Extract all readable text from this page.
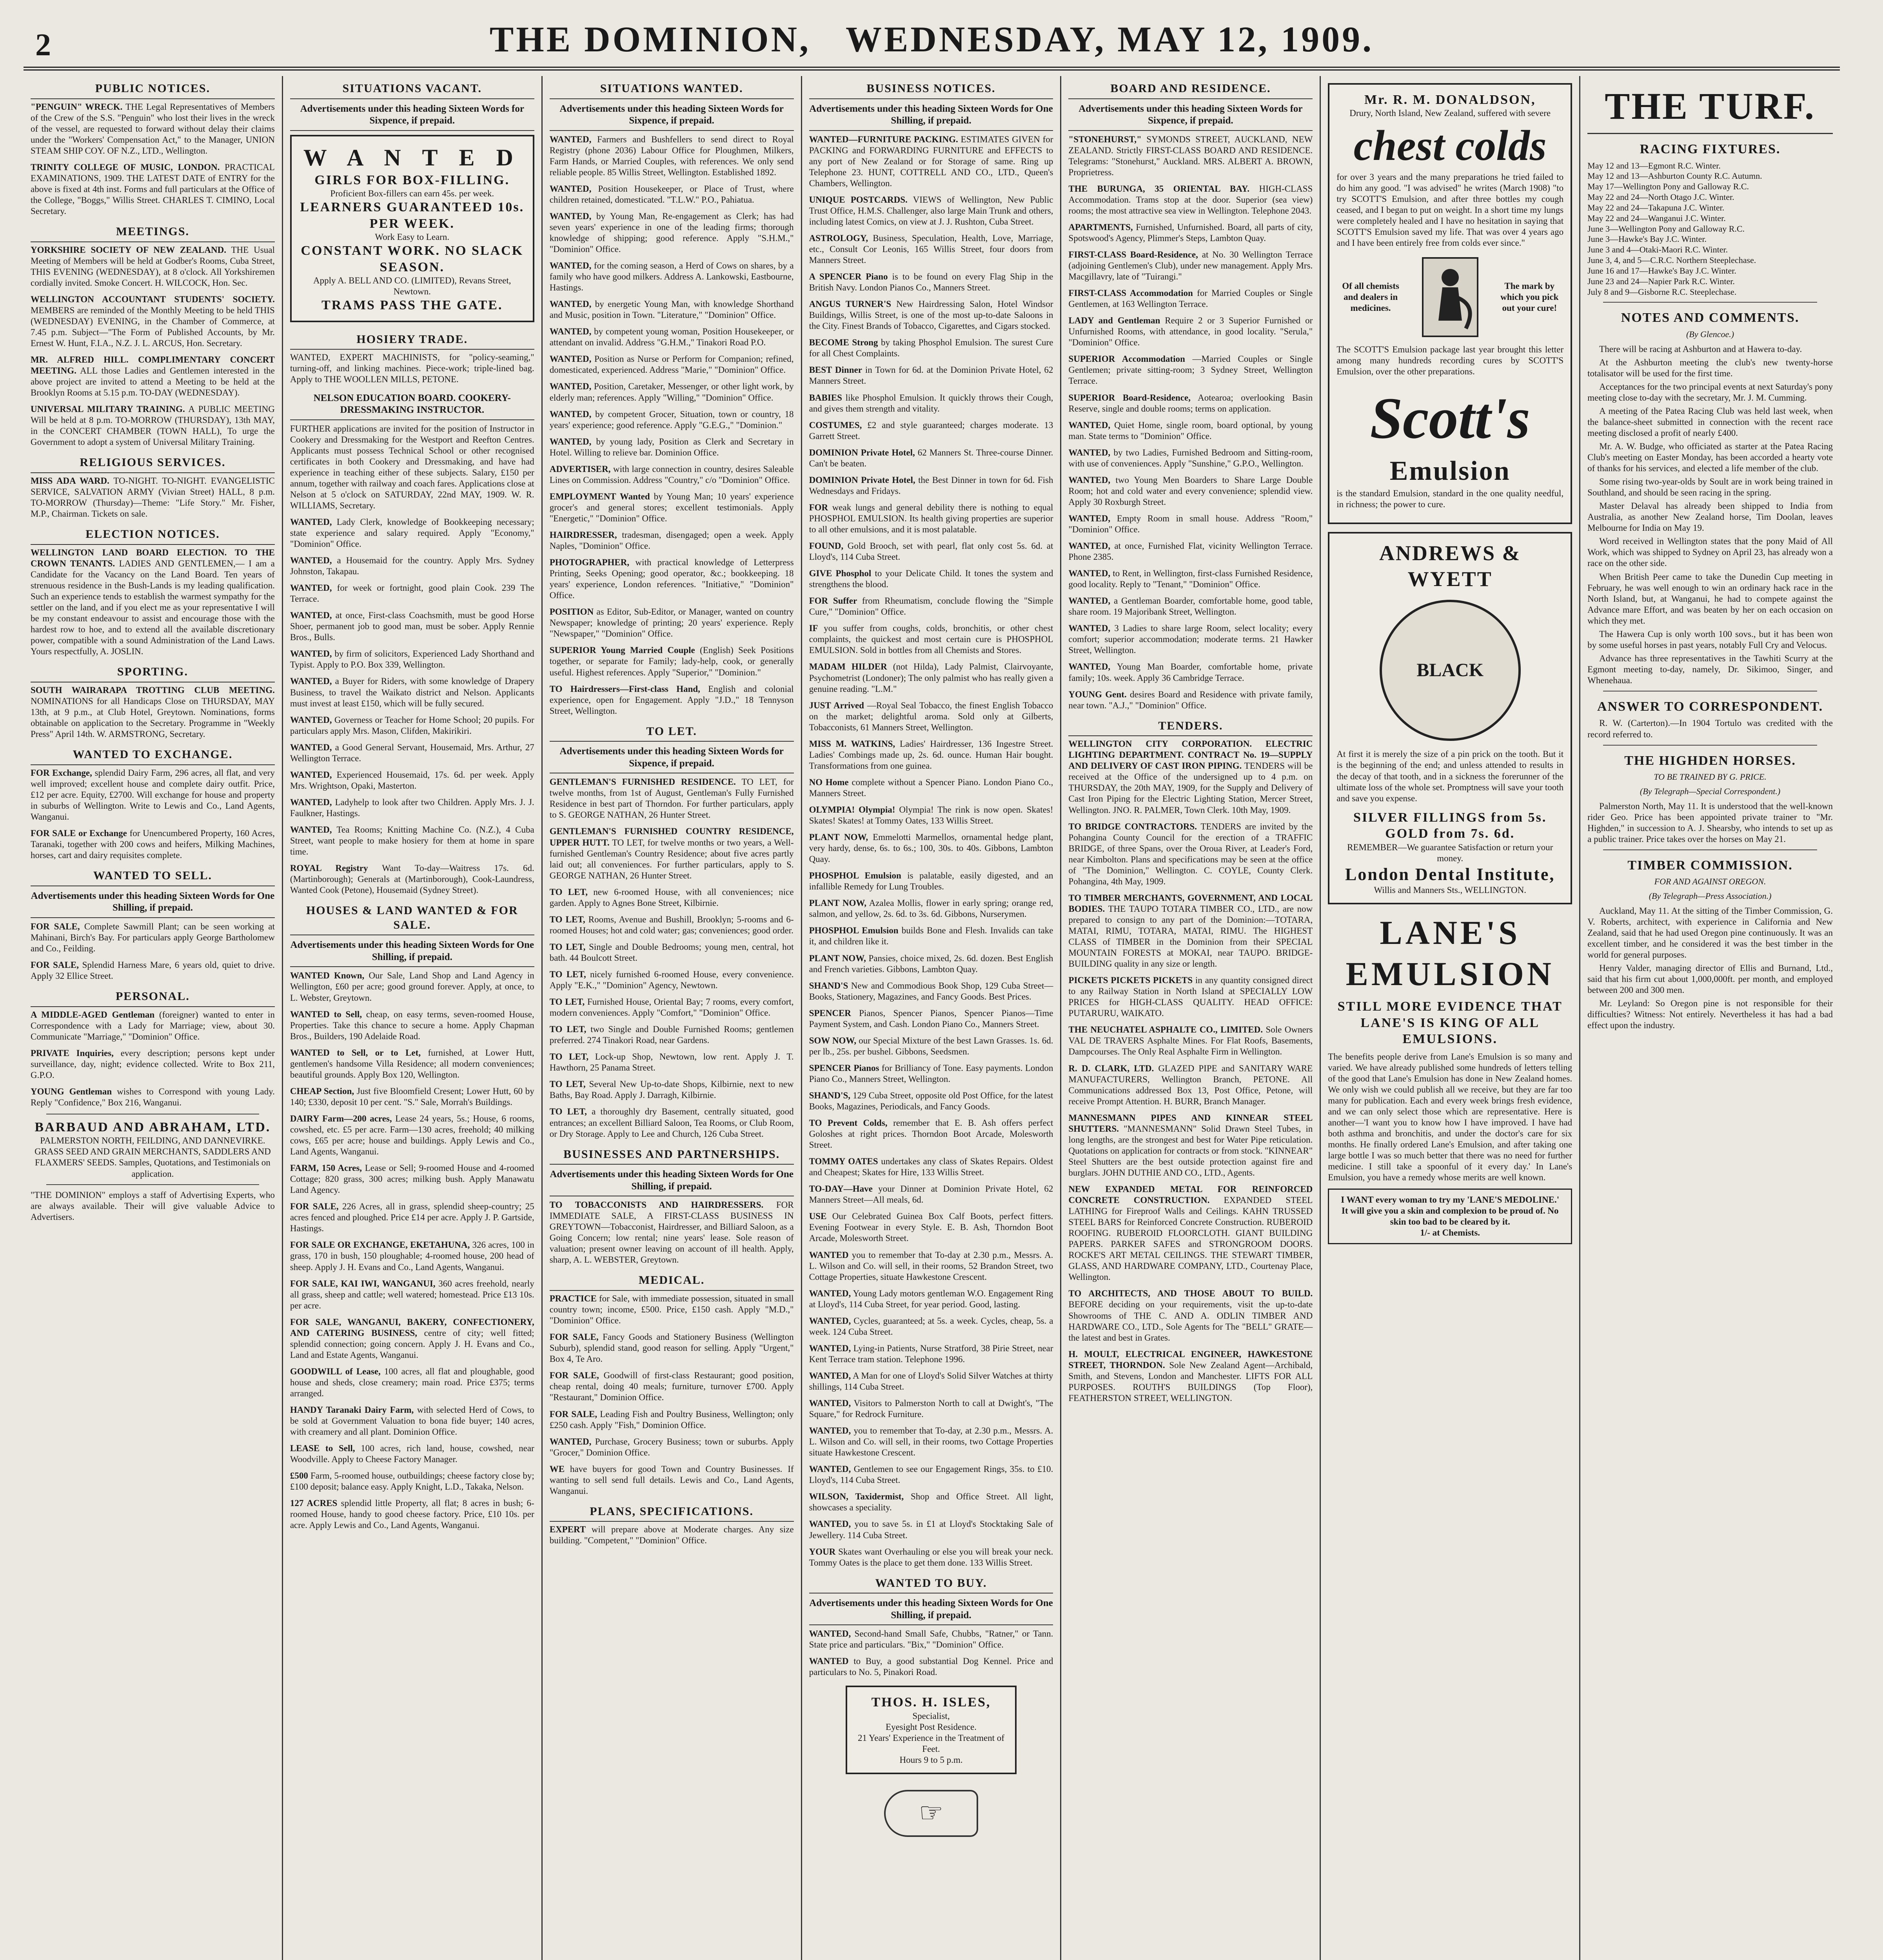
2	THE DOMINION, WEDNESDAY, MAY 12, 1909.
PUBLIC NOTICES.
"PENGUIN" WRECK. THE Legal Representatives of Members of the Crew of the S.S. "Penguin" who lost their lives in the wreck of the vessel, are requested to forward without delay their claims under the "Workers' Compensation Act," to the Manager, UNION STEAM SHIP COY. OF N.Z., LTD., Wellington.
TRINITY COLLEGE OF MUSIC, LONDON. PRACTICAL EXAMINATIONS, 1909. THE LATEST DATE of ENTRY for the above is fixed at 4th inst. Forms and full particulars at the Office of the College, "Boggs," Willis Street. CHARLES T. CIMINO, Local Secretary.
MEETINGS.
YORKSHIRE SOCIETY OF NEW ZEALAND. THE Usual Meeting of Members will be held at Godber's Rooms, Cuba Street, THIS EVENING (WEDNESDAY), at 8 o'clock. All Yorkshiremen cordially invited. Smoke Concert. H. WILCOCK, Hon. Sec.
WELLINGTON ACCOUNTANT STUDENTS' SOCIETY. MEMBERS are reminded of the Monthly Meeting to be held THIS (WEDNESDAY) EVENING, in the Chamber of Commerce, at 7.45 p.m. Subject—"The Form of Published Accounts, by Mr. Ernest W. Hunt, F.I.A., N.Z. J. L. ARCUS, Hon. Secretary.
MR. ALFRED HILL. COMPLIMENTARY CONCERT MEETING. ALL those Ladies and Gentlemen interested in the above project are invited to attend a Meeting to be held at the Brooklyn Rooms at 5.15 p.m. TO-DAY (WEDNESDAY).
UNIVERSAL MILITARY TRAINING. A PUBLIC MEETING Will be held at 8 p.m. TO-MORROW (THURSDAY), 13th MAY, in the CONCERT CHAMBER (TOWN HALL), To urge the Government to adopt a system of Universal Military Training.
RELIGIOUS SERVICES.
MISS ADA WARD. TO-NIGHT. TO-NIGHT. EVANGELISTIC SERVICE, SALVATION ARMY (Vivian Street) HALL, 8 p.m. TO-MORROW (Thursday)—Theme: "Life Story." Mr. Fisher, M.P., Chairman. Tickets on sale.
ELECTION NOTICES.
WELLINGTON LAND BOARD ELECTION. TO THE CROWN TENANTS. LADIES AND GENTLEMEN,— I am a Candidate for the Vacancy on the Land Board. Ten years of strenuous residence in the Bush-Lands is my leading qualification. Such an experience tends to establish the warmest sympathy for the settler on the land, and if you elect me as your representative I will be my constant endeavour to assist and encourage those with the hardest row to hoe, and to extend all the available discretionary power, compatible with a sound Administration of the Land Laws. Yours respectfully, A. JOSLIN.
SPORTING.
SOUTH WAIRARAPA TROTTING CLUB MEETING. NOMINATIONS for all Handicaps Close on THURSDAY, MAY 13th, at 9 p.m., at Club Hotel, Greytown. Nominations, forms obtainable on application to the Secretary. Programme in "Weekly Press" April 14th. W. ARMSTRONG, Secretary.
WANTED TO EXCHANGE.
FOR Exchange, splendid Dairy Farm, 296 acres, all flat, and very well improved; excellent house and complete dairy outfit. Price, £12 per acre. Equity, £2700. Will exchange for house and property in suburbs of Wellington. Write to Lewis and Co., Land Agents, Wanganui.
FOR SALE or Exchange for Unencumbered Property, 160 Acres, Taranaki, together with 200 cows and heifers, Milking Machines, horses, cart and dairy requisites complete.
WANTED TO SELL.
Advertisements under this heading Sixteen Words for One Shilling, if prepaid.
FOR SALE, Complete Sawmill Plant; can be seen working at Mahinani, Birch's Bay. For particulars apply George Bartholomew and Co., Feilding.
FOR SALE, Splendid Harness Mare, 6 years old, quiet to drive. Apply 32 Ellice Street.
PERSONAL.
A MIDDLE-AGED Gentleman (foreigner) wanted to enter in Correspondence with a Lady for Marriage; view, about 30. Communicate "Marriage," "Dominion" Office.
PRIVATE Inquiries, every description; persons kept under surveillance, day, night; evidence collected. Write to Box 211, G.P.O.
YOUNG Gentleman wishes to Correspond with young Lady. Reply "Confidence," Box 216, Wanganui.
BARBAUD AND ABRAHAM, LTD.
PALMERSTON NORTH, FEILDING, AND DANNEVIRKE. GRASS SEED AND GRAIN MERCHANTS, SADDLERS AND FLAXMERS' SEEDS. Samples, Quotations, and Testimonials on application.
"THE DOMINION" employs a staff of Advertising Experts, who are always available. Their will give valuable Advice to Advertisers.
SITUATIONS VACANT.
Advertisements under this heading Sixteen Words for Sixpence, if prepaid.
W A N T E D
GIRLS FOR BOX-FILLING.
Proficient Box-fillers can earn 45s. per week.
LEARNERS GUARANTEED 10s. PER WEEK.
Work Easy to Learn.
CONSTANT WORK. NO SLACK SEASON.
Apply A. BELL AND CO. (LIMITED), Revans Street, Newtown.
TRAMS PASS THE GATE.
HOSIERY TRADE.
WANTED, EXPERT MACHINISTS, for "policy-seaming," turning-off, and linking machines. Piece-work; triple-lined bag. Apply to THE WOOLLEN MILLS, PETONE.
NELSON EDUCATION BOARD. COOKERY-DRESSMAKING INSTRUCTOR.
FURTHER applications are invited for the position of Instructor in Cookery and Dressmaking for the Westport and Reefton Centres. Applicants must possess Technical School or other recognised certificates in both Cookery and Dressmaking, and have had experience in teaching either of these subjects. Salary, £150 per annum, together with railway and coach fares. Applications close at Nelson at 5 o'clock on SATURDAY, 22nd MAY, 1909. W. R. WILLIAMS, Secretary.
WANTED, Lady Clerk, knowledge of Bookkeeping necessary; state experience and salary required. Apply "Economy," "Dominion" Office.
WANTED, a Housemaid for the country. Apply Mrs. Sydney Johnston, Takapau.
WANTED, for week or fortnight, good plain Cook. 239 The Terrace.
WANTED, at once, First-class Coachsmith, must be good Horse Shoer, permanent job to good man, must be sober. Apply Rennie Bros., Bulls.
WANTED, by firm of solicitors, Experienced Lady Shorthand and Typist. Apply to P.O. Box 339, Wellington.
WANTED, a Buyer for Riders, with some knowledge of Drapery Business, to travel the Waikato district and Nelson. Applicants must invest at least £150, which will be fully secured.
WANTED, Governess or Teacher for Home School; 20 pupils. For particulars apply Mrs. Mason, Clifden, Makirikiri.
WANTED, a Good General Servant, Housemaid, Mrs. Arthur, 27 Wellington Terrace.
WANTED, Experienced Housemaid, 17s. 6d. per week. Apply Mrs. Wrightson, Opaki, Masterton.
WANTED, Ladyhelp to look after two Children. Apply Mrs. J. J. Faulkner, Hastings.
WANTED, Tea Rooms; Knitting Machine Co. (N.Z.), 4 Cuba Street, want people to make hosiery for them at home in spare time.
ROYAL Registry Want To-day—Waitress 17s. 6d. (Martinborough); Generals at (Martinborough), Cook-Laundress, Wanted Cook (Petone), Housemaid (Sydney Street).
HOUSES & LAND WANTED & FOR SALE.
Advertisements under this heading Sixteen Words for One Shilling, if prepaid.
WANTED Known, Our Sale, Land Shop and Land Agency in Wellington, £60 per acre; good ground forever. Apply, at once, to L. Webster, Greytown.
WANTED to Sell, cheap, on easy terms, seven-roomed House, Properties. Take this chance to secure a home. Apply Chapman Bros., Builders, 190 Adelaide Road.
WANTED to Sell, or to Let, furnished, at Lower Hutt, gentlemen's handsome Villa Residence; all modern conveniences; beautiful grounds. Apply Box 120, Wellington.
CHEAP Section, Just five Bloomfield Cresent; Lower Hutt, 60 by 140; £330, deposit 10 per cent. "S." Sale, Morrah's Buildings.
DAIRY Farm—200 acres, Lease 24 years, 5s.; House, 6 rooms, cowshed, etc. £5 per acre. Farm—130 acres, freehold; 40 milking cows, £65 per acre; house and buildings. Apply Lewis and Co., Land Agents, Wanganui.
FARM, 150 Acres, Lease or Sell; 9-roomed House and 4-roomed Cottage; 820 grass, 300 acres; milking bush. Apply Manawatu Land Agency.
FOR SALE, 226 Acres, all in grass, splendid sheep-country; 25 acres fenced and ploughed. Price £14 per acre. Apply J. P. Gartside, Hastings.
FOR SALE OR EXCHANGE, EKETAHUNA, 326 acres, 100 in grass, 170 in bush, 150 ploughable; 4-roomed house, 200 head of sheep. Apply J. H. Evans and Co., Land Agents, Wanganui.
FOR SALE, KAI IWI, WANGANUI, 360 acres freehold, nearly all grass, sheep and cattle; well watered; homestead. Price £13 10s. per acre.
FOR SALE, WANGANUI, BAKERY, CONFECTIONERY, AND CATERING BUSINESS, centre of city; well fitted; splendid connection; going concern. Apply J. H. Evans and Co., Land and Estate Agents, Wanganui.
GOODWILL of Lease, 100 acres, all flat and ploughable, good house and sheds, close creamery; main road. Price £375; terms arranged.
HANDY Taranaki Dairy Farm, with selected Herd of Cows, to be sold at Government Valuation to bona fide buyer; 140 acres, with creamery and all plant. Dominion Office.
LEASE to Sell, 100 acres, rich land, house, cowshed, near Woodville. Apply to Cheese Factory Manager.
£500 Farm, 5-roomed house, outbuildings; cheese factory close by; £100 deposit; balance easy. Apply Knight, L.D., Takaka, Nelson.
127 ACRES splendid little Property, all flat; 8 acres in bush; 6-roomed House, handy to good cheese factory. Price, £10 10s. per acre. Apply Lewis and Co., Land Agents, Wanganui.
SITUATIONS WANTED.
Advertisements under this heading Sixteen Words for Sixpence, if prepaid.
WANTED, Farmers and Bushfellers to send direct to Royal Registry (phone 2036) Labour Office for Ploughmen, Milkers, Farm Hands, or Married Couples, with references. We only send reliable people. 85 Willis Street, Wellington. Established 1892.
WANTED, Position Housekeeper, or Place of Trust, where children retained, domesticated. "T.L.W." P.O., Pahiatua.
WANTED, by Young Man, Re-engagement as Clerk; has had seven years' experience in one of the leading firms; thorough knowledge of shipping; good reference. Apply "S.H.M.," "Dominion" Office.
WANTED, for the coming season, a Herd of Cows on shares, by a family who have good milkers. Address A. Lankowski, Eastbourne, Hastings.
WANTED, by energetic Young Man, with knowledge Shorthand and Music, position in Town. "Literature," "Dominion" Office.
WANTED, by competent young woman, Position Housekeeper, or attendant on invalid. Address "G.H.M.," Tinakori Road P.O.
WANTED, Position as Nurse or Perform for Companion; refined, domesticated, experienced. Address "Marie," "Dominion" Office.
WANTED, Position, Caretaker, Messenger, or other light work, by elderly man; references. Apply "Willing," "Dominion" Office.
WANTED, by competent Grocer, Situation, town or country, 18 years' experience; good reference. Apply "G.E.G.," "Dominion."
WANTED, by young lady, Position as Clerk and Secretary in Hotel. Willing to relieve bar. Dominion Office.
ADVERTISER, with large connection in country, desires Saleable Lines on Commission. Address "Country," c/o "Dominion" Office.
EMPLOYMENT Wanted by Young Man; 10 years' experience grocer's and general stores; excellent testimonials. Apply "Energetic," "Dominion" Office.
HAIRDRESSER, tradesman, disengaged; open a week. Apply Naples, "Dominion" Office.
PHOTOGRAPHER, with practical knowledge of Letterpress Printing, Seeks Opening; good operator, &c.; bookkeeping. 18 years' experience, London references. "Initiative," "Dominion" Office.
POSITION as Editor, Sub-Editor, or Manager, wanted on country Newspaper; knowledge of printing; 20 years' experience. Reply "Newspaper," "Dominion" Office.
SUPERIOR Young Married Couple (English) Seek Positions together, or separate for Family; lady-help, cook, or generally useful. Highest references. Apply "Superior," "Dominion."
TO Hairdressers—First-class Hand, English and colonial experience, open for Engagement. Apply "J.D.," 18 Tennyson Street, Wellington.
TO LET.
Advertisements under this heading Sixteen Words for Sixpence, if prepaid.
GENTLEMAN'S FURNISHED RESIDENCE. TO LET, for twelve months, from 1st of August, Gentleman's Fully Furnished Residence in best part of Thorndon. For further particulars, apply to S. GEORGE NATHAN, 26 Hunter Street.
GENTLEMAN'S FURNISHED COUNTRY RESIDENCE, UPPER HUTT. TO LET, for twelve months or two years, a Well-furnished Gentleman's Country Residence; about five acres partly laid out; all conveniences. For further particulars, apply to S. GEORGE NATHAN, 26 Hunter Street.
TO LET, new 6-roomed House, with all conveniences; nice garden. Apply to Agnes Bone Street, Kilbirnie.
TO LET, Rooms, Avenue and Bushill, Brooklyn; 5-rooms and 6-roomed Houses; hot and cold water; gas; conveniences; good order.
TO LET, Single and Double Bedrooms; young men, central, hot bath. 44 Boulcott Street.
TO LET, nicely furnished 6-roomed House, every convenience. Apply "E.K.," "Dominion" Agency, Newtown.
TO LET, Furnished House, Oriental Bay; 7 rooms, every comfort, modern conveniences. Apply "Comfort," "Dominion" Office.
TO LET, two Single and Double Furnished Rooms; gentlemen preferred. 274 Tinakori Road, near Gardens.
TO LET, Lock-up Shop, Newtown, low rent. Apply J. T. Hawthorn, 25 Panama Street.
TO LET, Several New Up-to-date Shops, Kilbirnie, next to new Baths, Bay Road. Apply J. Darragh, Kilbirnie.
TO LET, a thoroughly dry Basement, centrally situated, good entrances; an excellent Billiard Saloon, Tea Rooms, or Club Room, or Dry Storage. Apply to Lee and Church, 126 Cuba Street.
BUSINESSES AND PARTNERSHIPS.
Advertisements under this heading Sixteen Words for One Shilling, if prepaid.
TO TOBACCONISTS AND HAIRDRESSERS. FOR IMMEDIATE SALE, A FIRST-CLASS BUSINESS IN GREYTOWN—Tobacconist, Hairdresser, and Billiard Saloon, as a Going Concern; low rental; nine years' lease. Sole reason of valuation; present owner leaving on account of ill health. Apply, sharp, A. L. WEBSTER, Greytown.
MEDICAL.
PRACTICE for Sale, with immediate possession, situated in small country town; income, £500. Price, £150 cash. Apply "M.D.," "Dominion" Office.
FOR SALE, Fancy Goods and Stationery Business (Wellington Suburb), splendid stand, good reason for selling. Apply "Urgent," Box 4, Te Aro.
FOR SALE, Goodwill of first-class Restaurant; good position, cheap rental, doing 40 meals; furniture, turnover £700. Apply "Restaurant," Dominion Office.
FOR SALE, Leading Fish and Poultry Business, Wellington; only £250 cash. Apply "Fish," Dominion Office.
WANTED, Purchase, Grocery Business; town or suburbs. Apply "Grocer," Dominion Office.
WE have buyers for good Town and Country Businesses. If wanting to sell send full details. Lewis and Co., Land Agents, Wanganui.
PLANS, SPECIFICATIONS.
EXPERT will prepare above at Moderate charges. Any size building. "Competent," "Dominion" Office.
BUSINESS NOTICES.
Advertisements under this heading Sixteen Words for One Shilling, if prepaid.
WANTED—FURNITURE PACKING. ESTIMATES GIVEN for PACKING and FORWARDING FURNITURE and EFFECTS to any port of New Zealand or for Storage of same. Ring up Telephone 23. HUNT, COTTRELL AND CO., LTD., Queen's Chambers, Wellington.
UNIQUE POSTCARDS. VIEWS of Wellington, New Public Trust Office, H.M.S. Challenger, also large Main Trunk and others, including latest Comics, on view at J. J. Rushton, Cuba Street.
ASTROLOGY, Business, Speculation, Health, Love, Marriage, etc., Consult Cor Leonis, 165 Willis Street, four doors from Manners Street.
A SPENCER Piano is to be found on every Flag Ship in the British Navy. London Pianos Co., Manners Street.
ANGUS TURNER'S New Hairdressing Salon, Hotel Windsor Buildings, Willis Street, is one of the most up-to-date Saloons in the City. Finest Brands of Tobacco, Cigarettes, and Cigars stocked.
BECOME Strong by taking Phosphol Emulsion. The surest Cure for all Chest Complaints.
BEST Dinner in Town for 6d. at the Dominion Private Hotel, 62 Manners Street.
BABIES like Phosphol Emulsion. It quickly throws their Cough, and gives them strength and vitality.
COSTUMES, £2 and style guaranteed; charges moderate. 13 Garrett Street.
DOMINION Private Hotel, 62 Manners St. Three-course Dinner. Can't be beaten.
DOMINION Private Hotel, the Best Dinner in town for 6d. Fish Wednesdays and Fridays.
FOR weak lungs and general debility there is nothing to equal PHOSPHOL EMULSION. Its health giving properties are superior to all other emulsions, and it is most palatable.
FOUND, Gold Brooch, set with pearl, flat only cost 5s. 6d. at Lloyd's, 114 Cuba Street.
GIVE Phosphol to your Delicate Child. It tones the system and strengthens the blood.
FOR Suffer from Rheumatism, conclude flowing the "Simple Cure," "Dominion" Office.
IF you suffer from coughs, colds, bronchitis, or other chest complaints, the quickest and most certain cure is PHOSPHOL EMULSION. Sold in bottles from all Chemists and Stores.
MADAM HILDER (not Hilda), Lady Palmist, Clairvoyante, Psychometrist (Londoner); The only palmist who has really given a genuine reading. "L.M."
JUST Arrived —Royal Seal Tobacco, the finest English Tobacco on the market; delightful aroma. Sold only at Gilberts, Tobacconists, 61 Manners Street, Wellington.
MISS M. WATKINS, Ladies' Hairdresser, 136 Ingestre Street. Ladies' Combings made up, 2s. 6d. ounce. Human Hair bought. Transformations from one guinea.
NO Home complete without a Spencer Piano. London Piano Co., Manners Street.
OLYMPIA! Olympia! Olympia! The rink is now open. Skates! Skates! Skates! at Tommy Oates, 133 Willis Street.
PLANT NOW, Emmelotti Marmellos, ornamental hedge plant, very hardy, dense, 6s. to 6s.; 100, 30s. to 40s. Gibbons, Lambton Quay.
PHOSPHOL Emulsion is palatable, easily digested, and an infallible Remedy for Lung Troubles.
PLANT NOW, Azalea Mollis, flower in early spring; orange red, salmon, and yellow, 2s. 6d. to 3s. 6d. Gibbons, Nurserymen.
PHOSPHOL Emulsion builds Bone and Flesh. Invalids can take it, and children like it.
PLANT NOW, Pansies, choice mixed, 2s. 6d. dozen. Best English and French varieties. Gibbons, Lambton Quay.
SHAND'S New and Commodious Book Shop, 129 Cuba Street—Books, Stationery, Magazines, and Fancy Goods. Best Prices.
SPENCER Pianos, Spencer Pianos, Spencer Pianos—Time Payment System, and Cash. London Piano Co., Manners Street.
SOW NOW, our Special Mixture of the best Lawn Grasses. 1s. 6d. per lb., 25s. per bushel. Gibbons, Seedsmen.
SPENCER Pianos for Brilliancy of Tone. Easy payments. London Piano Co., Manners Street, Wellington.
SHAND'S, 129 Cuba Street, opposite old Post Office, for the latest Books, Magazines, Periodicals, and Fancy Goods.
TO Prevent Colds, remember that E. B. Ash offers perfect Goloshes at right prices. Thorndon Boot Arcade, Molesworth Street.
TOMMY OATES undertakes any class of Skates Repairs. Oldest and Cheapest; Skates for Hire, 133 Willis Street.
TO-DAY—Have your Dinner at Dominion Private Hotel, 62 Manners Street—All meals, 6d.
USE Our Celebrated Guinea Box Calf Boots, perfect fitters. Evening Footwear in every Style. E. B. Ash, Thorndon Boot Arcade, Molesworth Street.
WANTED you to remember that To-day at 2.30 p.m., Messrs. A. L. Wilson and Co. will sell, in their rooms, 52 Brandon Street, two Cottage Properties, situate Hawkestone Crescent.
WANTED, Young Lady motors gentleman W.O. Engagement Ring at Lloyd's, 114 Cuba Street, for year period. Good, lasting.
WANTED, Cycles, guaranteed; at 5s. a week. Cycles, cheap, 5s. a week. 124 Cuba Street.
WANTED, Lying-in Patients, Nurse Stratford, 38 Pirie Street, near Kent Terrace tram station. Telephone 1996.
WANTED, A Man for one of Lloyd's Solid Silver Watches at thirty shillings, 114 Cuba Street.
WANTED, Visitors to Palmerston North to call at Dwight's, "The Square," for Redrock Furniture.
WANTED, you to remember that To-day, at 2.30 p.m., Messrs. A. L. Wilson and Co. will sell, in their rooms, two Cottage Properties situate Hawkestone Crescent.
WANTED, Gentlemen to see our Engagement Rings, 35s. to £10. Lloyd's, 114 Cuba Street.
WILSON, Taxidermist, Shop and Office Street. All light, showcases a speciality.
WANTED, you to save 5s. in £1 at Lloyd's Stocktaking Sale of Jewellery. 114 Cuba Street.
YOUR Skates want Overhauling or else you will break your neck. Tommy Oates is the place to get them done. 133 Willis Street.
WANTED TO BUY.
Advertisements under this heading Sixteen Words for One Shilling, if prepaid.
WANTED, Second-hand Small Safe, Chubbs, "Ratner," or Tann. State price and particulars. "Bix," "Dominion" Office.
WANTED to Buy, a good substantial Dog Kennel. Price and particulars to No. 5, Pinakori Road.
THOS. H. ISLES,
Specialist,
Eyesight Post Residence.
21 Years' Experience in the Treatment of Feet.
Hours 9 to 5 p.m.
☞
BOARD AND RESIDENCE.
Advertisements under this heading Sixteen Words for Sixpence, if prepaid.
"STONEHURST," SYMONDS STREET, AUCKLAND, NEW ZEALAND. Strictly FIRST-CLASS BOARD AND RESIDENCE. Telegrams: "Stonehurst," Auckland. MRS. ALBERT A. BROWN, Proprietress.
THE BURUNGA, 35 ORIENTAL BAY. HIGH-CLASS Accommodation. Trams stop at the door. Superior (sea view) rooms; the most attractive sea view in Wellington. Telephone 2043.
APARTMENTS, Furnished, Unfurnished. Board, all parts of city, Spotswood's Agency, Plimmer's Steps, Lambton Quay.
FIRST-CLASS Board-Residence, at No. 30 Wellington Terrace (adjoining Gentlemen's Club), under new management. Apply Mrs. Macgillavry, late of "Tuirangi."
FIRST-CLASS Accommodation for Married Couples or Single Gentlemen, at 163 Wellington Terrace.
LADY and Gentleman Require 2 or 3 Superior Furnished or Unfurnished Rooms, with attendance, in good locality. "Serula," "Dominion" Office.
SUPERIOR Accommodation —Married Couples or Single Gentlemen; private sitting-room; 3 Sydney Street, Wellington Terrace.
SUPERIOR Board-Residence, Aotearoa; overlooking Basin Reserve, single and double rooms; terms on application.
WANTED, Quiet Home, single room, board optional, by young man. State terms to "Dominion" Office.
WANTED, by two Ladies, Furnished Bedroom and Sitting-room, with use of conveniences. Apply "Sunshine," G.P.O., Wellington.
WANTED, two Young Men Boarders to Share Large Double Room; hot and cold water and every convenience; splendid view. Apply 30 Roxburgh Street.
WANTED, Empty Room in small house. Address "Room," "Dominion" Office.
WANTED, at once, Furnished Flat, vicinity Wellington Terrace. Phone 2385.
WANTED, to Rent, in Wellington, first-class Furnished Residence, good locality. Reply to "Tenant," "Dominion" Office.
WANTED, a Gentleman Boarder, comfortable home, good table, share room. 19 Majoribank Street, Wellington.
WANTED, 3 Ladies to share large Room, select locality; every comfort; superior accommodation; moderate terms. 21 Hawker Street, Wellington.
WANTED, Young Man Boarder, comfortable home, private family; 10s. week. Apply 36 Cambridge Terrace.
YOUNG Gent. desires Board and Residence with private family, near town. "A.J.," "Dominion" Office.
TENDERS.
WELLINGTON CITY CORPORATION. ELECTRIC LIGHTING DEPARTMENT. CONTRACT No. 19—SUPPLY AND DELIVERY OF CAST IRON PIPING. TENDERS will be received at the Office of the undersigned up to 4 p.m. on THURSDAY, the 20th MAY, 1909, for the Supply and Delivery of Cast Iron Piping for the Electric Lighting Station, Mercer Street, Wellington. JNO. R. PALMER, Town Clerk. 10th May, 1909.
TO BRIDGE CONTRACTORS. TENDERS are invited by the Pohangina County Council for the erection of a TRAFFIC BRIDGE, of three Spans, over the Oroua River, at Leader's Ford, near Kimbolton. Plans and specifications may be seen at the office of "The Dominion," Wellington. C. COYLE, County Clerk. Pohangina, 4th May, 1909.
TO TIMBER MERCHANTS, GOVERNMENT, AND LOCAL BODIES. THE TAUPO TOTARA TIMBER CO., LTD., are now prepared to consign to any part of the Dominion:—TOTARA, MATAI, RIMU, TOTARA, MATAI, RIMU. The HIGHEST CLASS of TIMBER in the Dominion from their SPECIAL MOUNTAIN FORESTS at MOKAI, near TAUPO. BRIDGE-BUILDING quality in any size or length.
PICKETS PICKETS PICKETS in any quantity consigned direct to any Railway Station in North Island at SPECIALLY LOW PRICES for HIGH-CLASS QUALITY. HEAD OFFICE: PUTARURU, WAIKATO.
THE NEUCHATEL ASPHALTE CO., LIMITED. Sole Owners VAL DE TRAVERS Asphalte Mines. For Flat Roofs, Basements, Dampcourses. The Only Real Asphalte Firm in Wellington.
R. D. CLARK, LTD. GLAZED PIPE and SANITARY WARE MANUFACTURERS, Wellington Branch, PETONE. All Communications addressed Box 13, Post Office, Petone, will receive Prompt Attention. H. BURR, Branch Manager.
MANNESMANN PIPES AND KINNEAR STEEL SHUTTERS. "MANNESMANN" Solid Drawn Steel Tubes, in long lengths, are the strongest and best for Water Pipe reticulation. Quotations on application for contracts or from stock. "KINNEAR" Steel Shutters are the best outside protection against fire and burglars. JOHN DUTHIE AND CO., LTD., Agents.
NEW EXPANDED METAL FOR REINFORCED CONCRETE CONSTRUCTION. EXPANDED STEEL LATHING for Fireproof Walls and Ceilings. KAHN TRUSSED STEEL BARS for Reinforced Concrete Construction. RUBEROID ROOFING. RUBEROID FLOORCLOTH. GIANT BUILDING PAPERS. PARKER SAFES and STRONGROOM DOORS. ROCKE'S ART METAL CEILINGS. THE STEWART TIMBER, GLASS, AND HARDWARE COMPANY, LTD., Courtenay Place, Wellington.
TO ARCHITECTS, AND THOSE ABOUT TO BUILD. BEFORE deciding on your requirements, visit the up-to-date Showrooms of THE C. AND A. ODLIN TIMBER AND HARDWARE CO., LTD., Sole Agents for The "BELL" GRATE—the latest and best in Grates.
H. MOULT, ELECTRICAL ENGINEER, HAWKESTONE STREET, THORNDON. Sole New Zealand Agent—Archibald, Smith, and Stevens, London and Manchester. LIFTS FOR ALL PURPOSES. ROUTH'S BUILDINGS (Top Floor), FEATHERSTON STREET, WELLINGTON.
Mr. R. M. DONALDSON,
Drury, North Island, New Zealand, suffered with severe
chest colds
for over 3 years and the many preparations he tried failed to do him any good. "I was advised" he writes (March 1908) "to try SCOTT'S Emulsion, and after three bottles my cough ceased, and I began to put on weight. In a short time my lungs were completely healed and I have no hesitation in saying that SCOTT'S Emulsion saved my life. That was over 4 years ago and I have been entirely free from colds ever since."
Of all chemists and dealers in medicines.
The mark by which you pick out your cure!
The SCOTT'S Emulsion package last year brought this letter among many hundreds recording cures by SCOTT'S Emulsion, over the other preparations.
Scott's
Emulsion
is the standard Emulsion, standard in the one quality needful, in richness; the power to cure.
ANDREWS & WYETT
BLACK
At first it is merely the size of a pin prick on the tooth. But it is the beginning of the end; and unless attended to results in the decay of that tooth, and in a sickness the forerunner of the ultimate loss of the whole set. Promptness will save your tooth and save you expense.
SILVER FILLINGS from 5s.
GOLD from 7s. 6d.
REMEMBER—We guarantee Satisfaction or return your money.
London Dental Institute,
Willis and Manners Sts., WELLINGTON.
LANE'S
EMULSION
STILL MORE EVIDENCE THAT LANE'S IS KING OF ALL EMULSIONS.
The benefits people derive from Lane's Emulsion is so many and varied. We have already published some hundreds of letters telling of the good that Lane's Emulsion has done in New Zealand homes. We only wish we could publish all we receive, but they are far too many for publication. Each and every week brings fresh evidence, and we can only select those which are representative. Here is another—'I want you to know how I have improved. I have had both asthma and bronchitis, and under the doctor's care for six months. He finally ordered Lane's Emulsion, and after taking one large bottle I was so much better that there was no need for further medicine. I still take a spoonful of it every day.' In Lane's Emulsion, you have a remedy whose merits are well known.
I WANT every woman to try my 'LANE'S MEDOLINE.'
It will give you a skin and complexion to be proud of. No skin too bad to be cleared by it.
1/- at Chemists.
THE TURF.
RACING FIXTURES.
May 12 and 13—Egmont R.C. Winter.
May 12 and 13—Ashburton County R.C. Autumn.
May 17—Wellington Pony and Galloway R.C.
May 22 and 24—North Otago J.C. Winter.
May 22 and 24—Takapuna J.C. Winter.
May 22 and 24—Wanganui J.C. Winter.
June 3—Wellington Pony and Galloway R.C.
June 3—Hawke's Bay J.C. Winter.
June 3 and 4—Otaki-Maori R.C. Winter.
June 3, 4, and 5—C.R.C. Northern Steeplechase.
June 16 and 17—Hawke's Bay J.C. Winter.
June 23 and 24—Napier Park R.C. Winter.
July 8 and 9—Gisborne R.C. Steeplechase.
NOTES AND COMMENTS.
(By Glencoe.)

There will be racing at Ashburton and at Hawera to-day.

At the Ashburton meeting the club's new twenty-horse totalisator will be used for the first time.

Acceptances for the two principal events at next Saturday's pony meeting close to-day with the secretary, Mr. J. M. Cumming.

A meeting of the Patea Racing Club was held last week, when the balance-sheet submitted in connection with the recent race meeting disclosed a profit of nearly £400.

Mr. A. W. Budge, who officiated as starter at the Patea Racing Club's meeting on Easter Monday, has been accorded a hearty vote of thanks for his services, and elected a life member of the club.

Some rising two-year-olds by Soult are in work being trained in Southland, and should be seen racing in the spring.

Master Delaval has already been shipped to India from Australia, as another New Zealand horse, Tim Doolan, leaves Melbourne for India on May 19.

Word received in Wellington states that the pony Maid of All Work, which was shipped to Sydney on April 23, has already won a race on the other side.

When British Peer came to take the Dunedin Cup meeting in February, he was well enough to win an ordinary hack race in the North Island, but, at Wanganui, he had to compete against the Advance mare Effort, and was beaten by her on each occasion on which they met.

The Hawera Cup is only worth 100 sovs., but it has been won by some useful horses in past years, notably Full Cry and Velocus.

Advance has three representatives in the Tawhiti Scurry at the Egmont meeting to-day, namely, Dr. Sikimoo, Singer, and Whenehaua.

ANSWER TO CORRESPONDENT.

R. W. (Carterton).—In 1904 Tortulo was credited with the record referred to.

THE HIGHDEN HORSES.
TO BE TRAINED BY G. PRICE.
(By Telegraph—Special Correspondent.)

Palmerston North, May 11. It is understood that the well-known rider Geo. Price has been appointed private trainer to "Mr. Highden," in succession to A. J. Shearsby, who intends to set up as a public trainer. Price takes over the horses on May 21.

TIMBER COMMISSION.
FOR AND AGAINST OREGON.
(By Telegraph—Press Association.)

Auckland, May 11. At the sitting of the Timber Commission, G. V. Roberts, architect, with experience in California and New Zealand, said that he had used Oregon pine continuously. It was an excellent timber, and he considered it was the best timber in the world for general purposes.

Henry Valder, managing director of Ellis and Burnand, Ltd., said that his firm cut about 1,000,000ft. per month, and employed between 200 and 300 men.

Mr. Leyland: So Oregon pine is not responsible for their difficulties? Witness: Not entirely. Nevertheless it has had a bad effect upon the industry.
